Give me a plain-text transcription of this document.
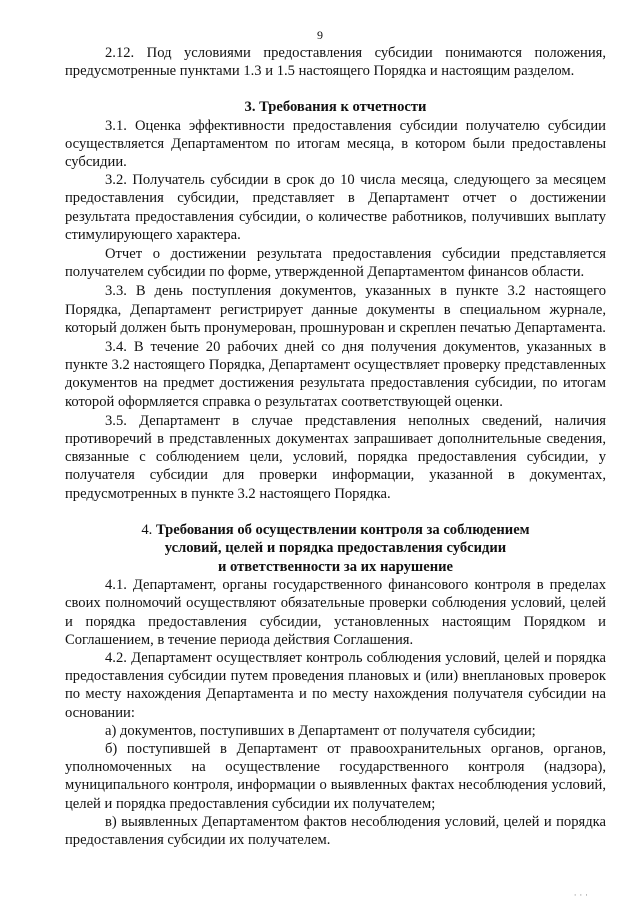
9

2.12. Под условиями предоставления субсидии понимаются положения, предусмотренные пунктами 1.3 и 1.5 настоящего Порядка и настоящим разделом.

3. Требования к отчетности

3.1. Оценка эффективности предоставления субсидии получателю субсидии осуществляется Департаментом по итогам месяца, в котором были предоставлены субсидии.

3.2. Получатель субсидии в срок до 10 числа месяца, следующего за месяцем предоставления субсидии, представляет в Департамент отчет о достижении результата предоставления субсидии, о количестве работников, получивших выплату стимулирующего характера.

Отчет о достижении результата предоставления субсидии представляется получателем субсидии по форме, утвержденной Департаментом финансов области.

3.3. В день поступления документов, указанных в пункте 3.2 настоящего Порядка, Департамент регистрирует данные документы в специальном журнале, который должен быть пронумерован, прошнурован и скреплен печатью Департамента.

3.4. В течение 20 рабочих дней со дня получения документов, указанных в пункте 3.2 настоящего Порядка, Департамент осуществляет проверку представленных документов на предмет достижения результата предоставления субсидии, по итогам которой оформляется справка о результатах соответствующей оценки.

3.5. Департамент в случае представления неполных сведений, наличия противоречий в представленных документах запрашивает дополнительные сведения, связанные с соблюдением цели, условий, порядка предоставления субсидии, у получателя субсидии для проверки информации, указанной в документах, предусмотренных в пункте 3.2 настоящего Порядка.

4. Требования об осуществлении контроля за соблюдением
условий, целей и порядка предоставления субсидии
и ответственности за их нарушение

4.1. Департамент, органы государственного финансового контроля в пределах своих полномочий осуществляют обязательные проверки соблюдения условий, целей и порядка предоставления субсидии, установленных настоящим Порядком и Соглашением, в течение периода действия Соглашения.

4.2. Департамент осуществляет контроль соблюдения условий, целей и порядка предоставления субсидии путем проведения плановых и (или) внеплановых проверок по месту нахождения Департамента и по месту нахождения получателя субсидии на основании:

а) документов, поступивших в Департамент от получателя субсидии;

б) поступившей в Департамент от правоохранительных органов, органов, уполномоченных на осуществление государственного контроля (надзора), муниципального контроля, информации о выявленных фактах несоблюдения условий, целей и порядка предоставления субсидии их получателем;

в) выявленных Департаментом фактов несоблюдения условий, целей и порядка предоставления субсидии их получателем.

· · ·
